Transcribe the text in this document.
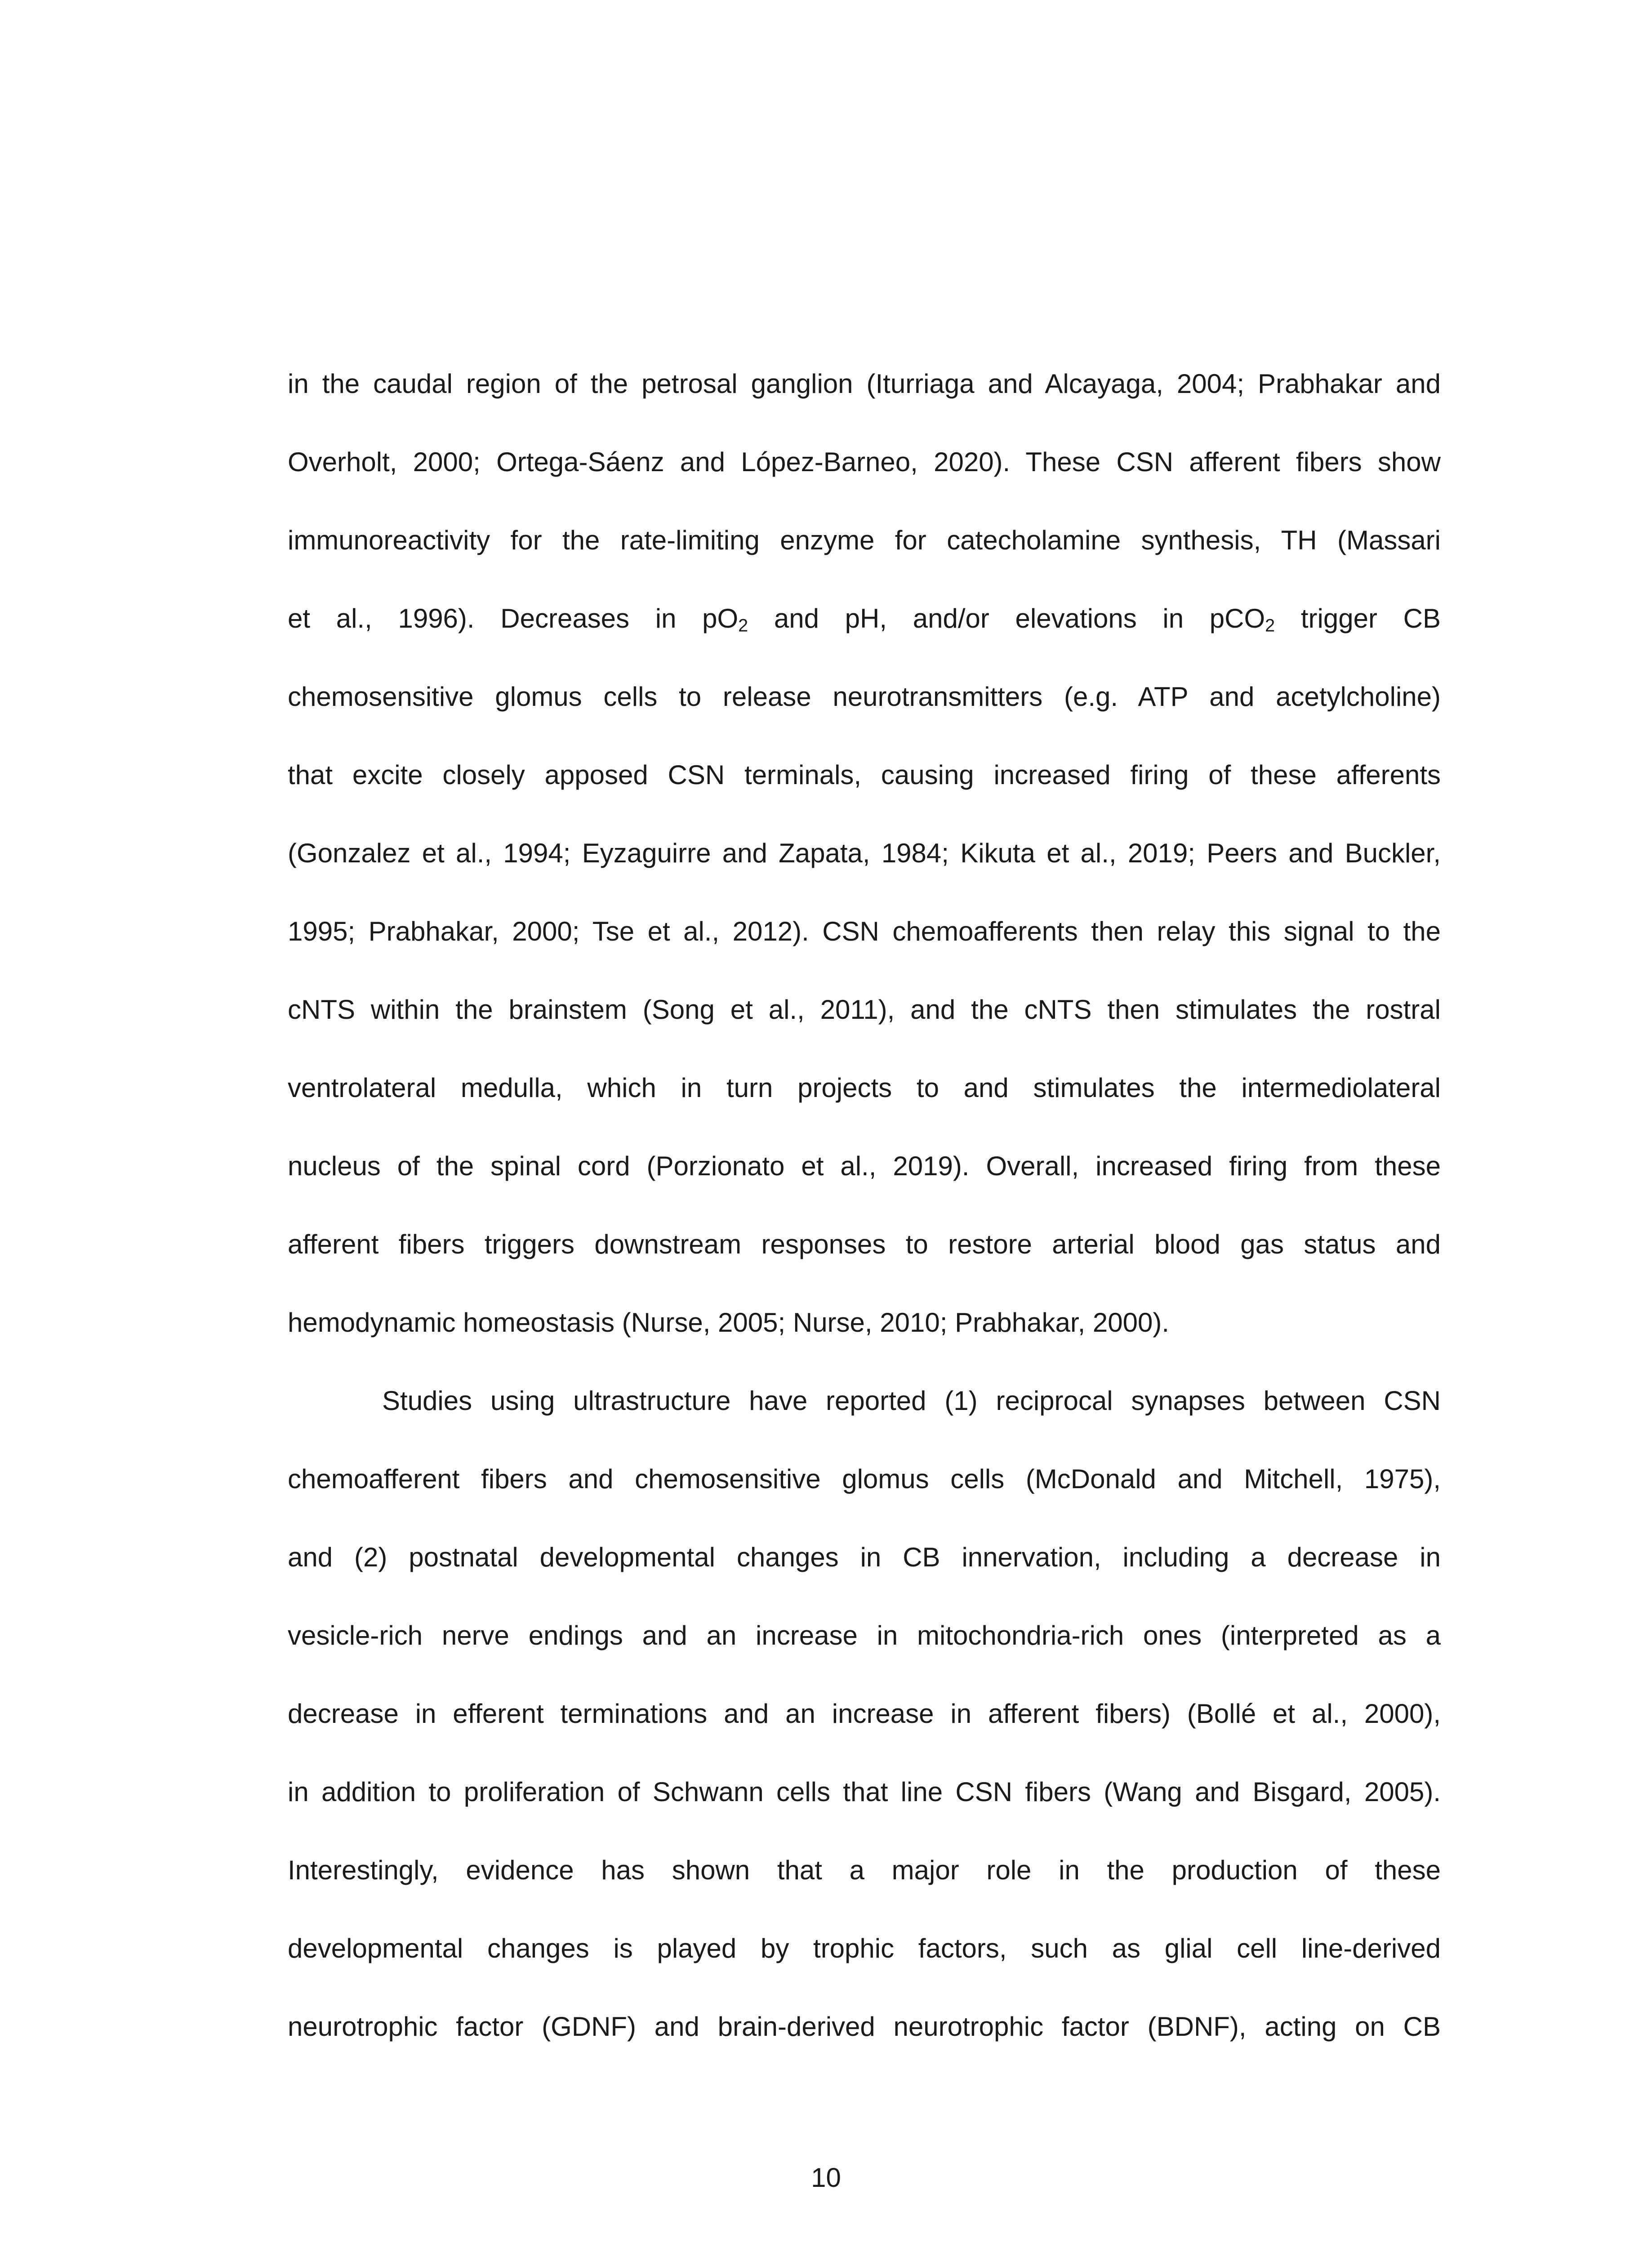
in the caudal region of the petrosal ganglion (Iturriaga and Alcayaga, 2004; Prabhakar and
Overholt, 2000; Ortega-Sáenz and López-Barneo, 2020). These CSN afferent fibers show
immunoreactivity for the rate-limiting enzyme for catecholamine synthesis, TH (Massari
et al., 1996). Decreases in $pO_2$ and pH, and/or elevations in pCO$_2$ trigger CB
chemosensitive glomus cells to release neurotransmitters (e.g. ATP and acetylcholine)
that excite closely apposed CSN terminals, causing increased firing of these afferents
(Gonzalez et al., 1994; Eyzaguirre and Zapata, 1984; Kikuta et al., 2019; Peers and Buckler,
1995; Prabhakar, 2000; Tse et al., 2012). CSN chemoafferents then relay this signal to the
cNTS within the brainstem (Song et al., 2011), and the cNTS then stimulates the rostral
ventrolateral medulla, which in turn projects to and stimulates the intermediolateral
nucleus of the spinal cord (Porzionato et al., 2019). Overall, increased firing from these
afferent fibers triggers downstream responses to restore arterial blood gas status and
hemodynamic homeostasis (Nurse, 2005; Nurse, 2010; Prabhakar, 2000).
Studies using ultrastructure have reported (1) reciprocal synapses between CSN
chemoafferent fibers and chemosensitive glomus cells (McDonald and Mitchell, 1975),
and (2) postnatal developmental changes in CB innervation, including a decrease in
vesicle-rich nerve endings and an increase in mitochondria-rich ones (interpreted as a
decrease in efferent terminations and an increase in afferent fibers) (Bollé et al., 2000),
in addition to proliferation of Schwann cells that line CSN fibers (Wang and Bisgard, 2005).
Interestingly, evidence has shown that a major role in the production of these
developmental changes is played by trophic factors, such as glial cell line-derived
neurotrophic factor (GDNF) and brain-derived neurotrophic factor (BDNF), acting on CB
10
